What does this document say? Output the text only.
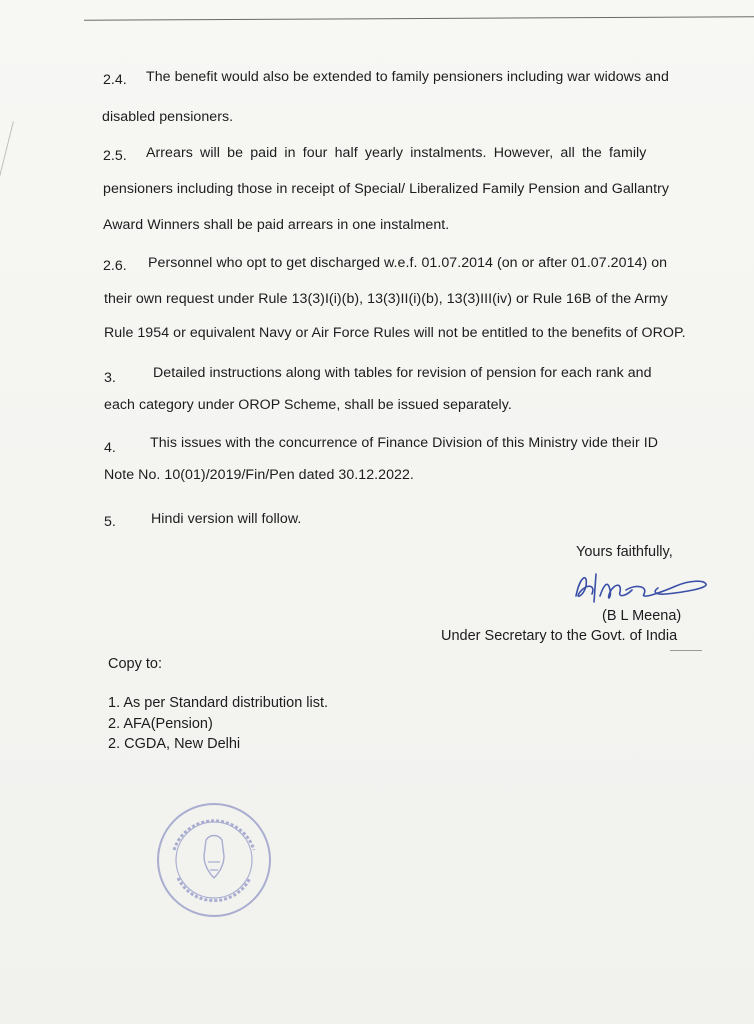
2.4. The benefit would also be extended to family pensioners including war widows and
disabled pensioners.
2.5. Arrears will be paid in four half yearly instalments. However, all the family
pensioners including those in receipt of Special/ Liberalized Family Pension and Gallantry
Award Winners shall be paid arrears in one instalment.
2.6. Personnel who opt to get discharged w.e.f. 01.07.2014 (on or after 01.07.2014) on
their own request under Rule 13(3)I(i)(b), 13(3)II(i)(b), 13(3)III(iv) or Rule 16B of the Army
Rule 1954 or equivalent Navy or Air Force Rules will not be entitled to the benefits of OROP.
3.	Detailed instructions along with tables for revision of pension for each rank and
each category under OROP Scheme, shall be issued separately.
4. This issues with the concurrence of Finance Division of this Ministry vide their ID
Note No. 10(01)/2019/Fin/Pen dated 30.12.2022.
5. Hindi version will follow.
Yours faithfully,
(B L Meena)
Under Secretary to the Govt. of India
Copy to:
1. As per Standard distribution list.
2. AFA(Pension)
2. CGDA, New Delhi
